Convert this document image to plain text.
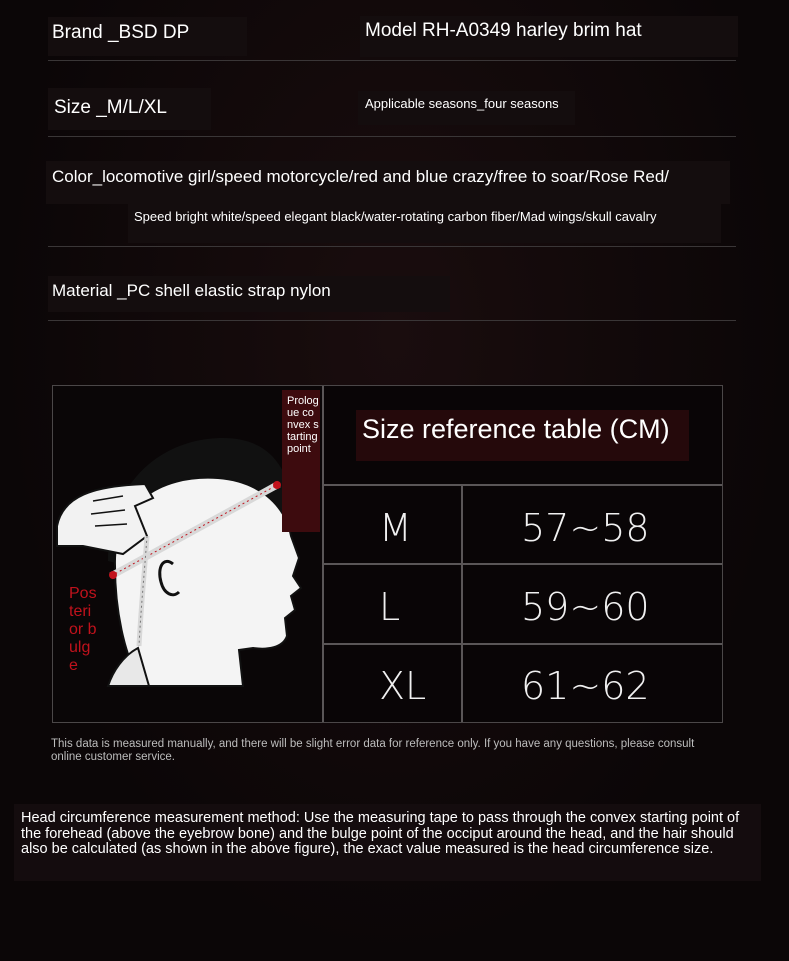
Brand _BSD DP	Model RH-A0349 harley brim hat
Size _M/L/XL	Applicable seasons_four seasons
Color_locomotive girl/speed motorcycle/red and blue crazy/free to soar/Rose Red/
Speed bright white/speed elegant black/water-rotating carbon fiber/Mad wings/skull cavalry
Material _PC shell elastic strap nylon
Prologue convex starting point
Posterior bulge
M	57~58
L	59~60
XL 61~62
Size reference table (CM)
This data is measured manually, and there will be slight error data for reference only. If you have any questions, please consult online customer service.
Head circumference measurement method: Use the measuring tape to pass through the convex starting point of the forehead (above the eyebrow bone) and the bulge point of the occiput around the head, and the hair should also be calculated (as shown in the above figure), the exact value measured is the head circumference size.
